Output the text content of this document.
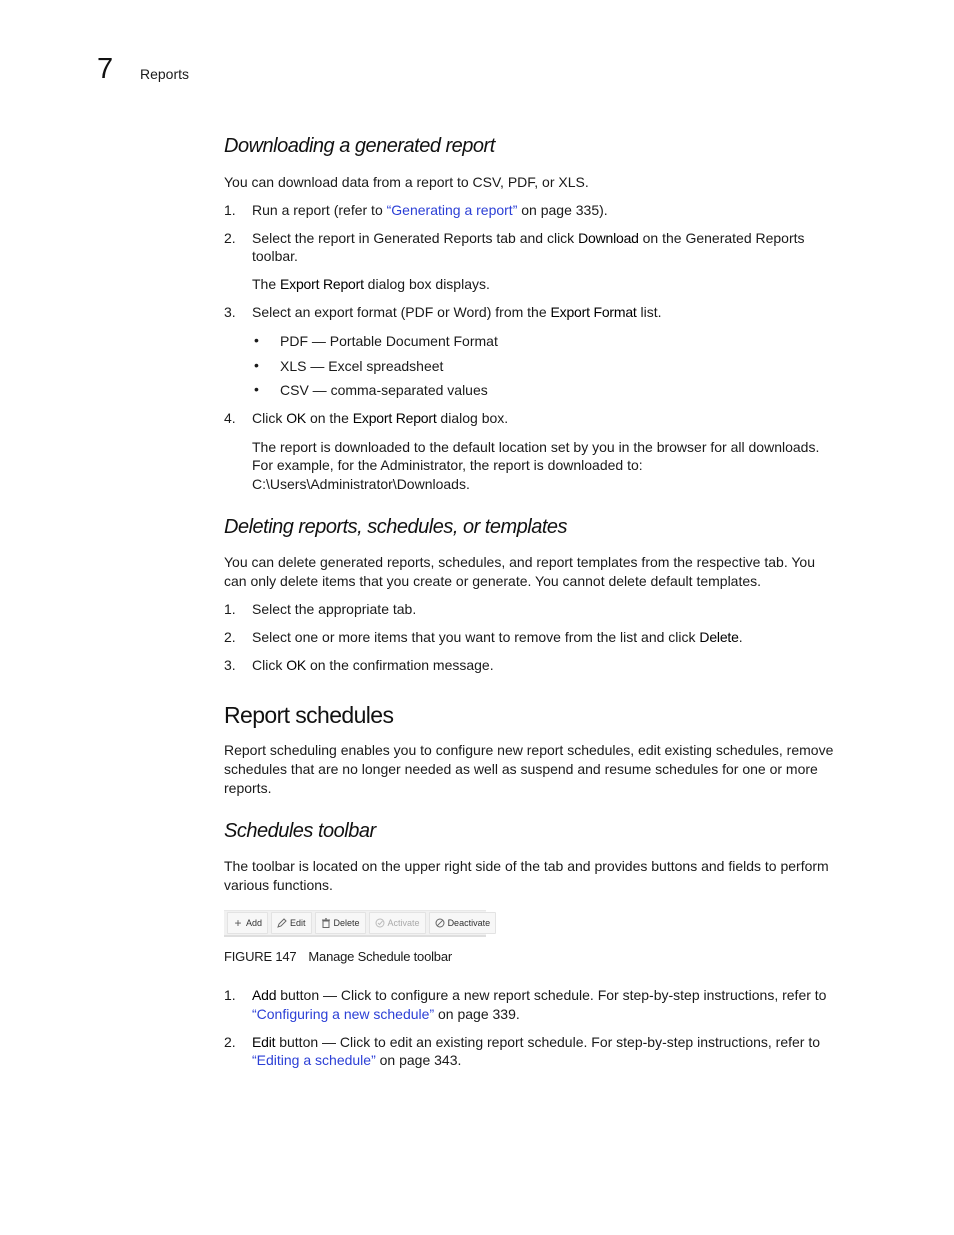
7 Reports
Downloading a generated report
You can download data from a report to CSV, PDF, or XLS.
1. Run a report (refer to “Generating a report” on page 335).
2. Select the report in Generated Reports tab and click Download on the Generated Reports
toolbar.
The Export Report dialog box displays.
3. Select an export format (PDF or Word) from the Export Format list.
• PDF — Portable Document Format
• XLS — Excel spreadsheet
• CSV — comma-separated values
4. Click OK on the Export Report dialog box.
The report is downloaded to the default location set by you in the browser for all downloads.
For example, for the Administrator, the report is downloaded to:
C:\Users\Administrator\Downloads.
Deleting reports, schedules, or templates
You can delete generated reports, schedules, and report templates from the respective tab. You
can only delete items that you create or generate. You cannot delete default templates.
1. Select the appropriate tab.
2. Select one or more items that you want to remove from the list and click Delete.
3. Click OK on the confirmation message.
Report schedules
Report scheduling enables you to configure new report schedules, edit existing schedules, remove
schedules that are no longer needed as well as suspend and resume schedules for one or more
reports.
Schedules toolbar
The toolbar is located on the upper right side of the tab and provides buttons and fields to perform
various functions.
+ Add	Edit	Delete	Activate	Deactivate
FIGURE 147 Manage Schedule toolbar
1. Add button — Click to configure a new report schedule. For step-by-step instructions, refer to
“Configuring a new schedule” on page 339.
2. Edit button — Click to edit an existing report schedule. For step-by-step instructions, refer to
“Editing a schedule” on page 343.
